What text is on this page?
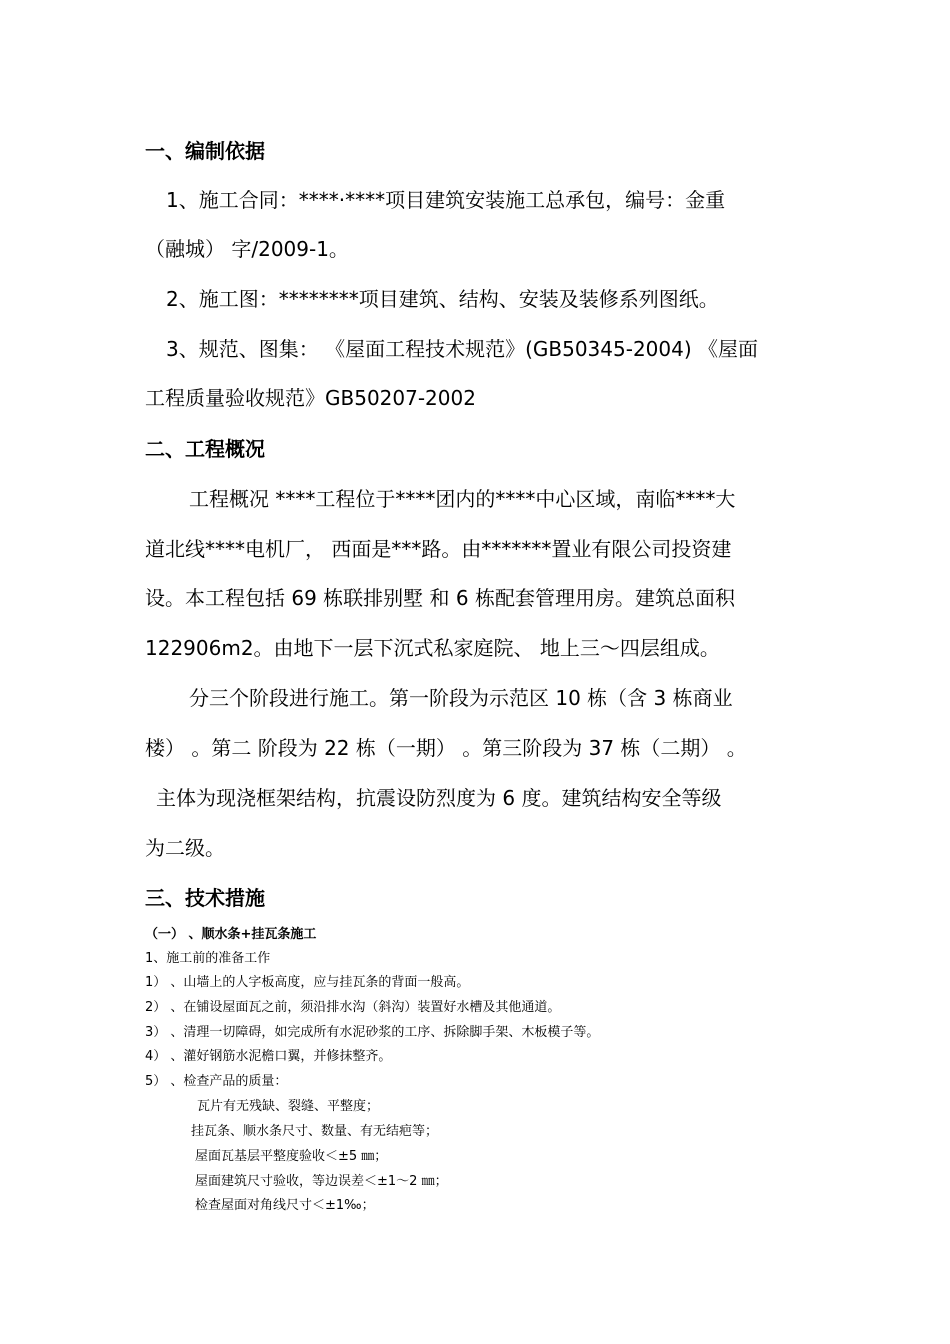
一、编制依据
1、施工合同：****·****项目建筑安装施工总承包，编号：金重
（融城） 字/2009-1。
2、施工图：********项目建筑、结构、安装及装修系列图纸。
3、规范、图集： 《屋面工程技术规范》(GB50345-2004) 《屋面
工程质量验收规范》GB50207-2002
二、工程概况
工程概况 ****工程位于****团内的****中心区域，南临****大
道北线****电机厂， 西面是***路。由*******置业有限公司投资建
设。本工程包括 69 栋联排别墅 和 6 栋配套管理用房。建筑总面积
122906m2。由地下一层下沉式私家庭院、 地上三～四层组成。
分三个阶段进行施工。第一阶段为示范区 10 栋（含 3 栋商业
楼） 。第二 阶段为 22 栋（一期） 。第三阶段为 37 栋（二期） 。
主体为现浇框架结构，抗震设防烈度为 6 度。建筑结构安全等级
为二级。
三、技术措施
（一） 、顺水条+挂瓦条施工
1、施工前的准备工作
1） 、山墙上的人字板高度，应与挂瓦条的背面一般高。
2） 、在铺设屋面瓦之前，须沿排水沟（斜沟）装置好水槽及其他通道。
3） 、清理一切障碍，如完成所有水泥砂浆的工序、拆除脚手架、木板模子等。
4） 、灌好钢筋水泥檐口翼，并修抹整齐。
5） 、检查产品的质量：
瓦片有无残缺、裂缝、平整度；
挂瓦条、顺水条尺寸、数量、有无结疤等；
屋面瓦基层平整度验收＜±5 ㎜；
屋面建筑尺寸验收，等边误差＜±1～2 ㎜；
检查屋面对角线尺寸＜±1‰；
